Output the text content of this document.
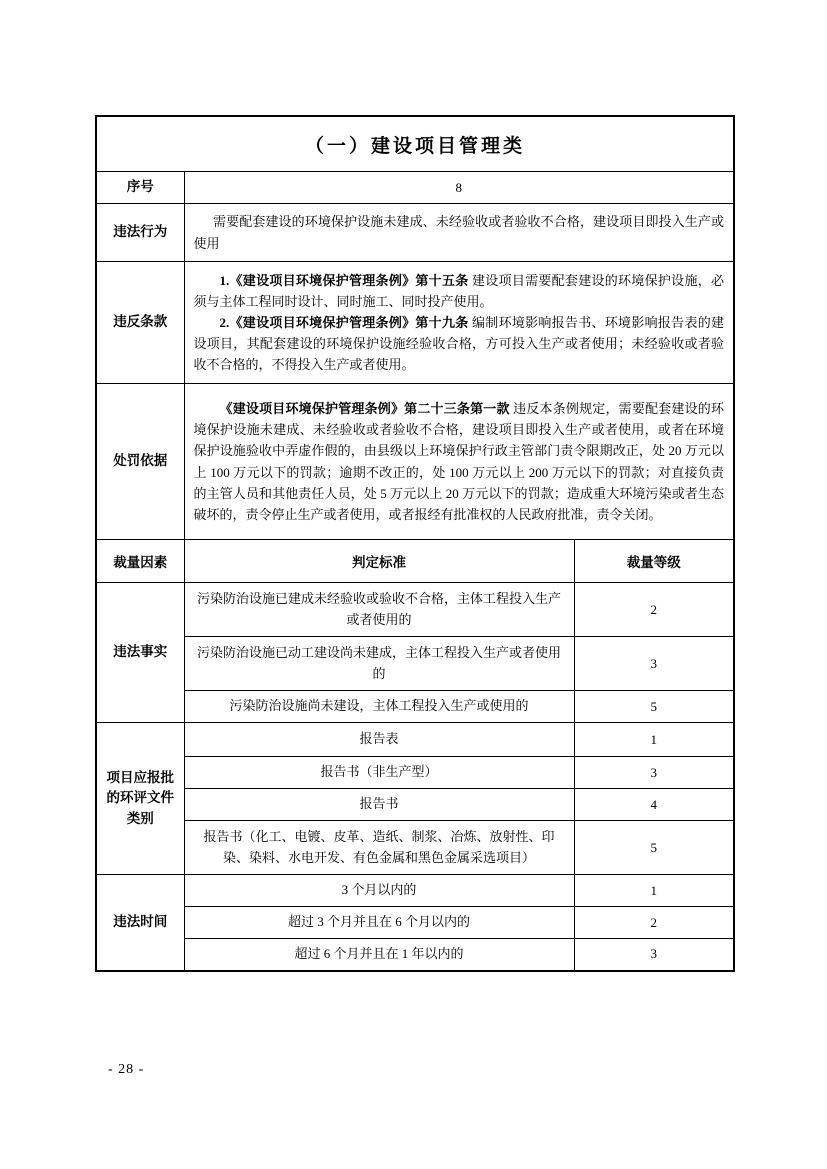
（一）建设项目管理类		
序号	8	
违法行为	需要配套建设的环境保护设施未建成、未经验收或者验收不合格，建设项目即投入生产或使用	

违反条款	1.《建设项目环境保护管理条例》第十五条 建设项目需要配套建设的环境保护设施，必须与主体工程同时设计、同时施工、同时投产使用。

2.《建设项目环境保护管理条例》第十九条 编制环境影响报告书、环境影响报告表的建设项目，其配套建设的环境保护设施经验收合格，方可投入生产或者使用；未经验收或者验收不合格的，不得投入生产或者使用。	

处罚依据	《建设项目环境保护管理条例》第二十三条第一款 违反本条例规定，需要配套建设的环境保护设施未建成、未经验收或者验收不合格，建设项目即投入生产或者使用，或者在环境保护设施验收中弄虚作假的，由县级以上环境保护行政主管部门责令限期改正，处 20 万元以上 100 万元以下的罚款；逾期不改正的，处 100 万元以上 200 万元以下的罚款；对直接负责的主管人员和其他责任人员，处 5 万元以上 20 万元以下的罚款；造成重大环境污染或者生态破坏的，责令停止生产或者使用，或者报经有批准权的人民政府批准，责令关闭。	

裁量因素	判定标准	裁量等级
违法事实	污染防治设施已建成未经验收或验收不合格，主体工程投入生产或者使用的	2
	污染防治设施已动工建设尚未建成，主体工程投入生产或者使用的	3
	污染防治设施尚未建设，主体工程投入生产或使用的	5
项目应报批的环评文件类别	报告表	1
	报告书（非生产型）	3
	报告书	4
	报告书（化工、电镀、皮革、造纸、制浆、冶炼、放射性、印染、染料、水电开发、有色金属和黑色金属采选项目）	5
违法时间	3 个月以内的	1
	超过 3 个月并且在 6 个月以内的	2
	超过 6 个月并且在 1 年以内的	3
- 28 -
